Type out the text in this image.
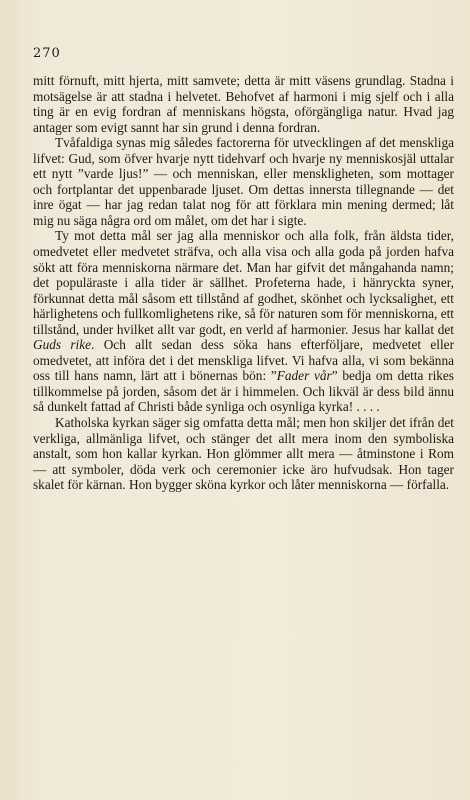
270

mitt förnuft, mitt hjerta, mitt samvete; detta är mitt väsens grundlag. Stadna i motsägelse är att stadna i helvetet. Behofvet af harmoni i mig sjelf och i alla ting är en evig fordran af menniskans högsta, oförgängliga natur. Hvad jag antager som evigt sannt har sin grund i denna fordran.

Tvåfaldiga synas mig således factorerna för utvecklingen af det menskliga lifvet: Gud, som öfver hvarje nytt tidehvarf och hvarje ny menniskosjäl uttalar ett nytt ”varde ljus!” — och menniskan, eller menskligheten, som mottager och fortplantar det uppenbarade ljuset. Om dettas innersta tillegnande — det inre ögat — har jag redan talat nog för att förklara min mening dermed; låt mig nu säga några ord om målet, om det har i sigte.

Ty mot detta mål ser jag alla menniskor och alla folk, från äldsta tider, omedvetet eller medvetet sträfva, och alla visa och alla goda på jorden hafva sökt att föra menniskorna närmare det. Man har gifvit det mångahanda namn; det populäraste i alla tider är sällhet. Profeterna hade, i hänryckta syner, förkunnat detta mål såsom ett tillstånd af godhet, skönhet och lycksalighet, ett härlighetens och fullkomlighetens rike, så för naturen som för menniskorna, ett tillstånd, under hvilket allt var godt, en verld af harmonier. Jesus har kallat det Guds rike. Och allt sedan dess söka hans efterföljare, medvetet eller omedvetet, att införa det i det menskliga lifvet. Vi hafva alla, vi som bekänna oss till hans namn, lärt att i bönernas bön: ”Fader vår” bedja om detta rikes tillkommelse på jorden, såsom det är i himmelen. Och likväl är dess bild ännu så dunkelt fattad af Christi både synliga och osynliga kyrka! . . . .

Katholska kyrkan säger sig omfatta detta mål; men hon skiljer det ifrån det verkliga, allmänliga lifvet, och stänger det allt mera inom den symboliska anstalt, som hon kallar kyrkan. Hon glömmer allt mera — åtminstone i Rom — att symboler, döda verk och ceremonier icke äro hufvudsak. Hon tager skalet för kärnan. Hon bygger sköna kyrkor och låter menniskorna — förfalla.
